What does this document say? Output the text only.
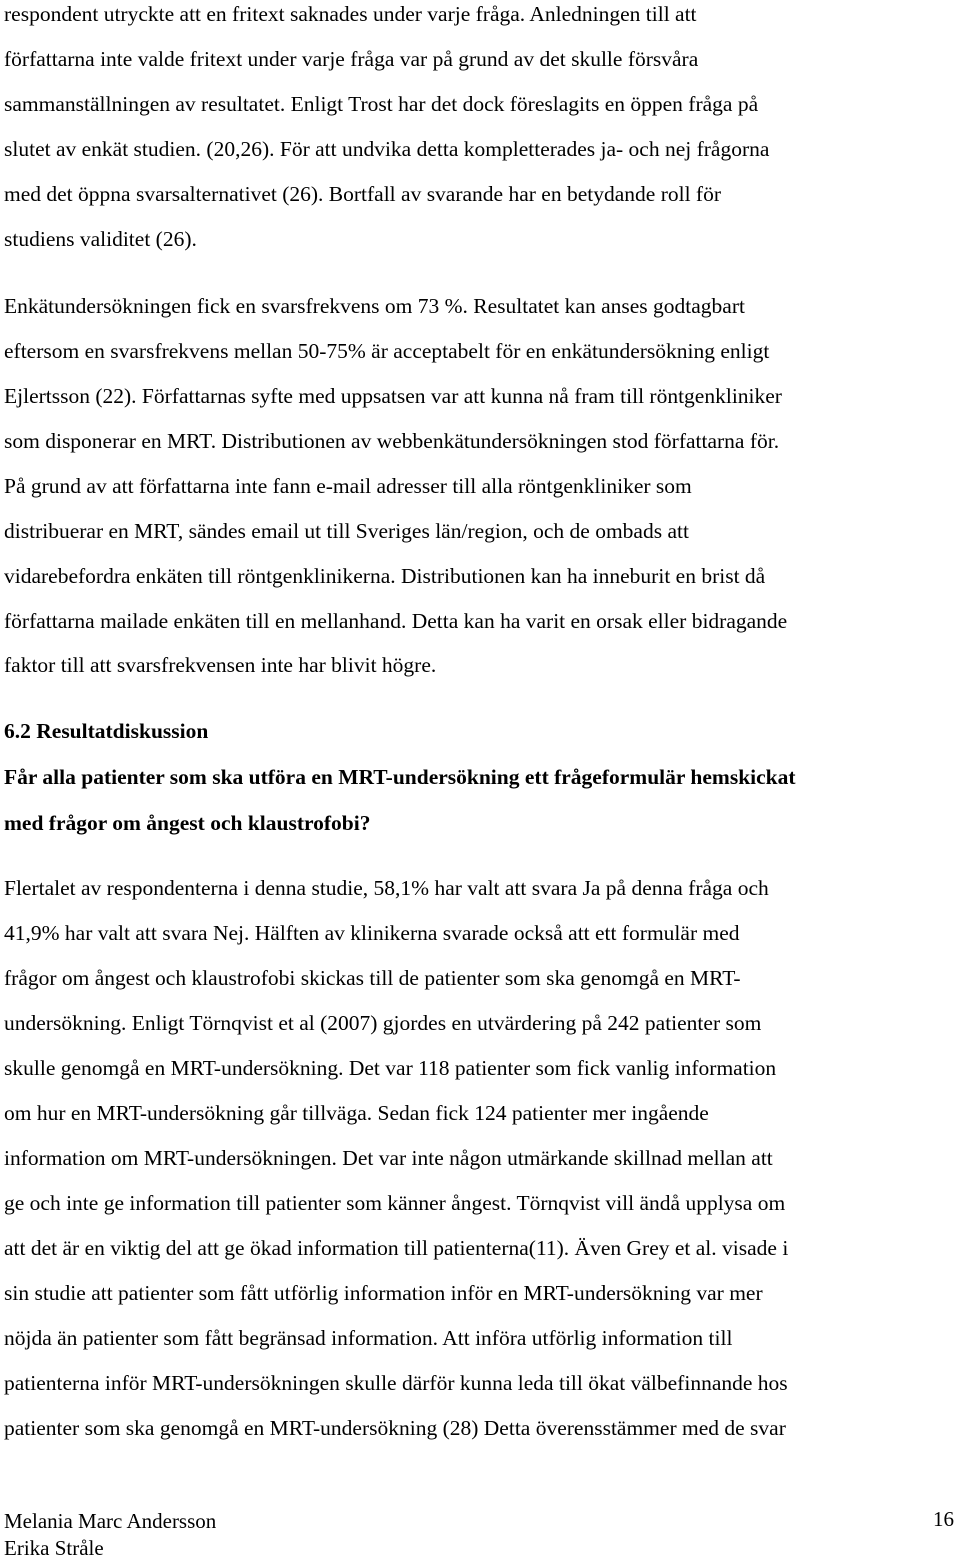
respondent utryckte att en fritext saknades under varje fråga. Anledningen till att
författarna inte valde fritext under varje fråga var på grund av det skulle försvåra
sammanställningen av resultatet. Enligt Trost har det dock föreslagits en öppen fråga på
slutet av enkät studien. (20,26). För att undvika detta kompletterades ja- och nej frågorna
med det öppna svarsalternativet (26). Bortfall av svarande har en betydande roll för
studiens validitet (26).
Enkätundersökningen fick en svarsfrekvens om 73 %. Resultatet kan anses godtagbart
eftersom en svarsfrekvens mellan 50-75% är acceptabelt för en enkätundersökning enligt
Ejlertsson (22). Författarnas syfte med uppsatsen var att kunna nå fram till röntgenkliniker
som disponerar en MRT. Distributionen av webbenkätundersökningen stod författarna för.
På grund av att författarna inte fann e-mail adresser till alla röntgenkliniker som
distribuerar en MRT, sändes email ut till Sveriges län/region, och de ombads att
vidarebefordra enkäten till röntgenklinikerna. Distributionen kan ha inneburit en brist då
författarna mailade enkäten till en mellanhand. Detta kan ha varit en orsak eller bidragande
faktor till att svarsfrekvensen inte har blivit högre.
6.2 Resultatdiskussion
Får alla patienter som ska utföra en MRT-undersökning ett frågeformulär hemskickat
med frågor om ångest och klaustrofobi?
Flertalet av respondenterna i denna studie, 58,1% har valt att svara Ja på denna fråga och
41,9% har valt att svara Nej. Hälften av klinikerna svarade också att ett formulär med
frågor om ångest och klaustrofobi skickas till de patienter som ska genomgå en MRT-
undersökning. Enligt Törnqvist et al (2007) gjordes en utvärdering på 242 patienter som
skulle genomgå en MRT-undersökning. Det var 118 patienter som fick vanlig information
om hur en MRT-undersökning går tillväga. Sedan fick 124 patienter mer ingående
information om MRT-undersökningen. Det var inte någon utmärkande skillnad mellan att
ge och inte ge information till patienter som känner ångest. Törnqvist vill ändå upplysa om
att det är en viktig del att ge ökad information till patienterna(11). Även Grey et al. visade i
sin studie att patienter som fått utförlig information inför en MRT-undersökning var mer
nöjda än patienter som fått begränsad information. Att införa utförlig information till
patienterna inför MRT-undersökningen skulle därför kunna leda till ökat välbefinnande hos
patienter som ska genomgå en MRT-undersökning (28) Detta överensstämmer med de svar
16
Melania Marc Andersson
Erika Stråle
